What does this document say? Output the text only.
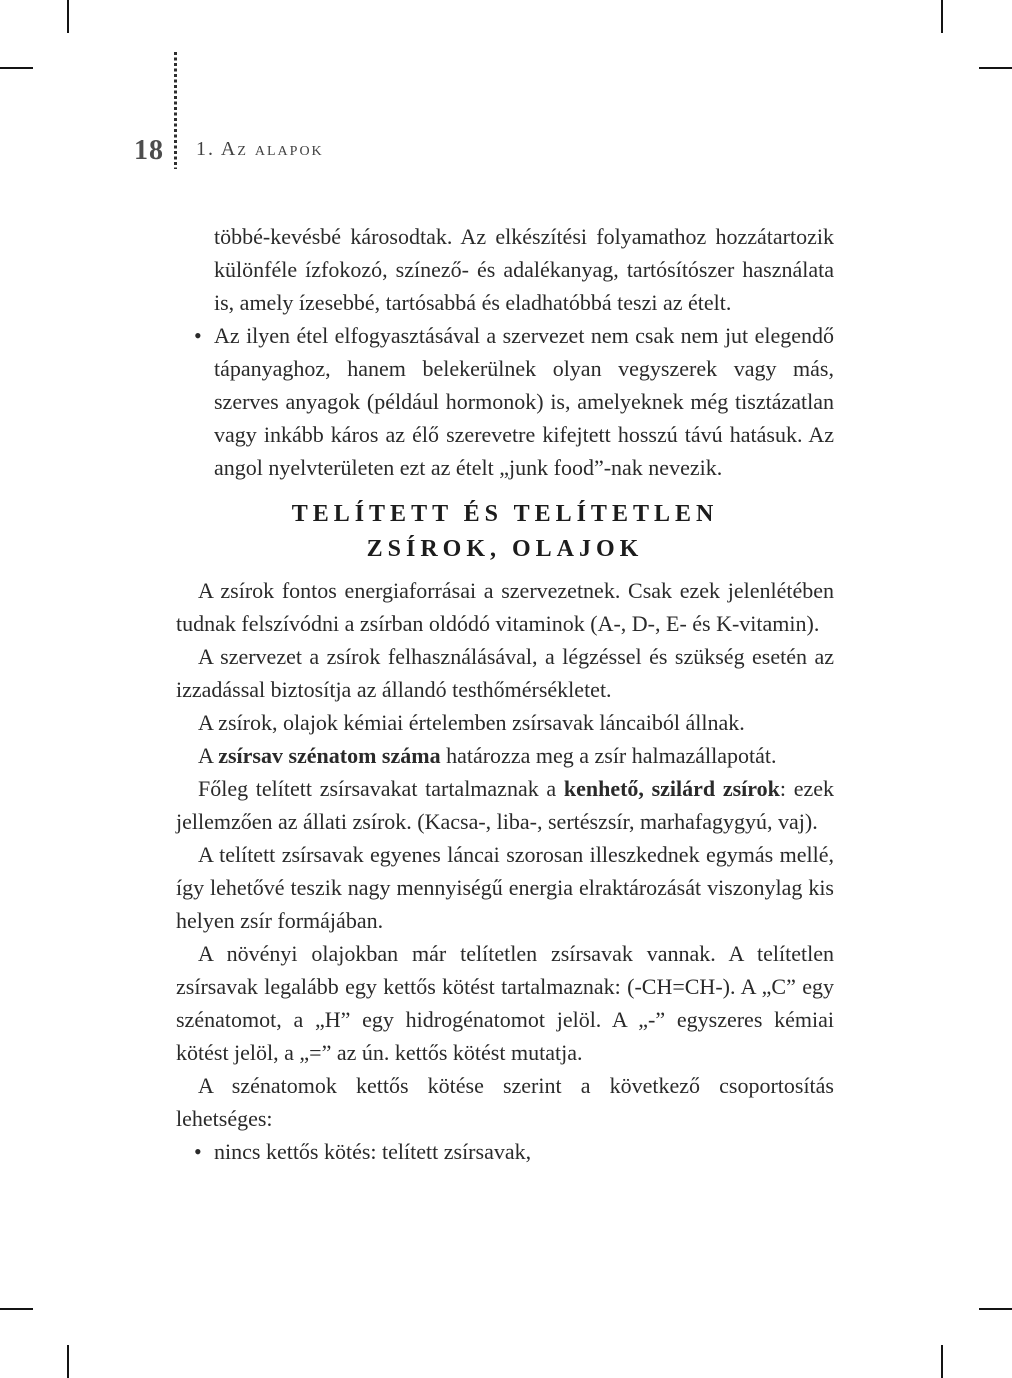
18 1. Az alapok
többé-kevésbé károsodtak. Az elkészítési folyamathoz hozzátartozik különféle ízfokozó, színező- és adalékanyag, tartósítószer használata is, amely ízesebbé, tartósabbá és eladhatóbbá teszi az ételt.
• Az ilyen étel elfogyasztásával a szervezet nem csak nem jut elegendő tápanyaghoz, hanem belekerülnek olyan vegyszerek vagy más, szerves anyagok (például hormonok) is, amelyeknek még tisztázatlan vagy inkább káros az élő szerevetre kifejtett hosszú távú hatásuk. Az angol nyelvterületen ezt az ételt „junk food”-nak nevezik.
TELÍTETT ÉS TELÍTETLEN
ZSÍROK, OLAJOK
A zsírok fontos energiaforrásai a szervezetnek. Csak ezek jelenlétében tudnak felszívódni a zsírban oldódó vitaminok (A-, D-, E- és K-vitamin).
A szervezet a zsírok felhasználásával, a légzéssel és szükség esetén az izzadással biztosítja az állandó testhőmérsékletet.
A zsírok, olajok kémiai értelemben zsírsavak láncaiból állnak.
A zsírsav szénatom száma határozza meg a zsír halmazállapotát.
Főleg telített zsírsavakat tartalmaznak a kenhető, szilárd zsírok: ezek jellemzően az állati zsírok. (Kacsa-, liba-, sertészsír, marhafagygyú, vaj).
A telített zsírsavak egyenes láncai szorosan illeszkednek egymás mellé, így lehetővé teszik nagy mennyiségű energia elraktározását viszonylag kis helyen zsír formájában.
A növényi olajokban már telítetlen zsírsavak vannak. A telítetlen zsírsavak legalább egy kettős kötést tartalmaznak: (-CH=CH-). A „C” egy szénatomot, a „H” egy hidrogénatomot jelöl. A „-” egyszeres kémiai kötést jelöl, a „=” az ún. kettős kötést mutatja.
A szénatomok kettős kötése szerint a következő csoportosítás lehetséges:
• nincs kettős kötés: telített zsírsavak,
